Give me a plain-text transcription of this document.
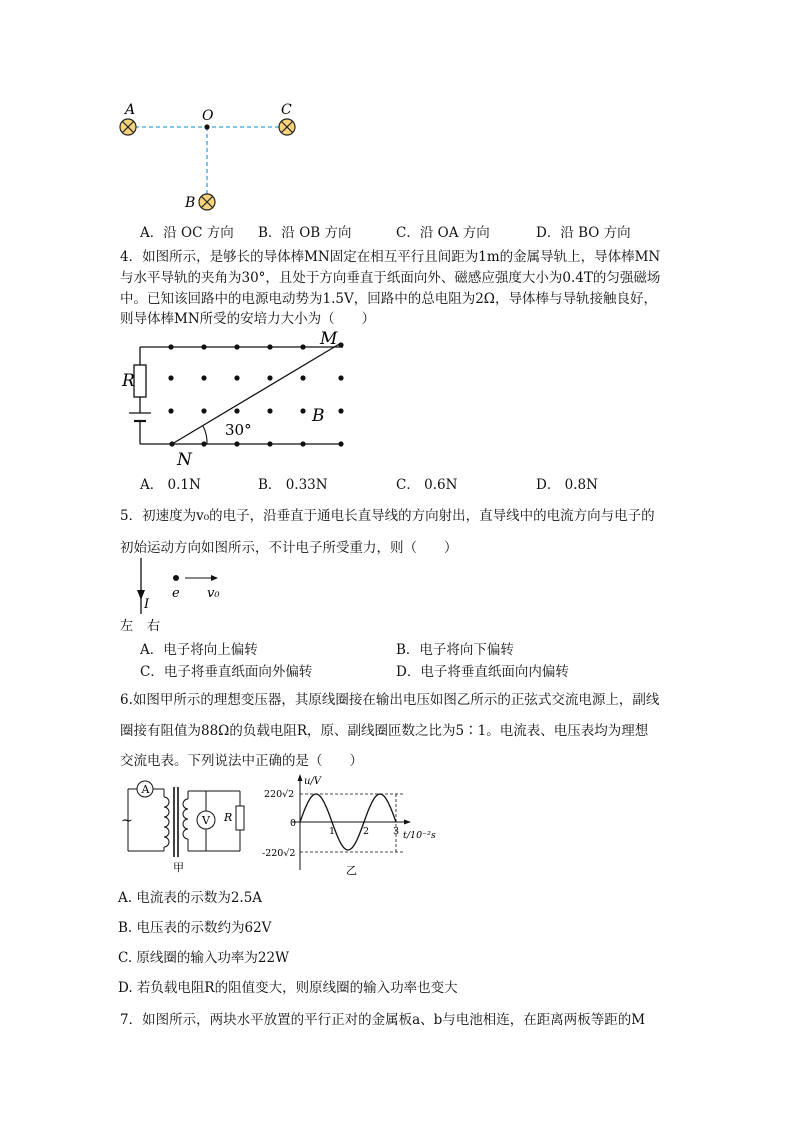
A	O	C
B
A．沿 OC 方向 B．沿 OB 方向	C．沿 OA 方向	D．沿 BO 方向
4．如图所示，是够长的导体棒MN固定在相互平行且间距为1m的金属导轨上，导体棒MN
与水平导轨的夹角为30°，且处于方向垂直于纸面向外、磁感应强度大小为0.4T的匀强磁场
中。已知该回路中的电源电动势为1.5V，回路中的总电阻为2Ω，导体棒与导轨接触良好，
则导体棒MN所受的安培力大小为（　　）
R
M
N
B
30°
A． 0.1N	B． 0.33N	C． 0.6N	D． 0.8N
5．初速度为v₀的电子，沿垂直于通电长直导线的方向射出，直导线中的电流方向与电子的
初始运动方向如图所示，不计电子所受重力，则（　　）
I
e v₀
左 右
A．电子将向上偏转	B．电子将向下偏转
C．电子将垂直纸面向外偏转	D．电子将垂直纸面向内偏转
6.如图甲所示的理想变压器，其原线圈接在输出电压如图乙所示的正弦式交流电源上，副线
圈接有阻值为88Ω的负载电阻R，原、副线圈匝数之比为5∶1。电流表、电压表均为理想
交流电表。下列说法中正确的是（　　）
A
~	V R
甲
u/V
220√2
-220√2
0
1	2	3 t/10⁻²s
乙
A. 电流表的示数为2.5A
B. 电压表的示数约为62V
C. 原线圈的输入功率为22W
D. 若负载电阻R的阻值变大，则原线圈的输入功率也变大
7．如图所示，两块水平放置的平行正对的金属板a、b与电池相连，在距离两板等距的M
